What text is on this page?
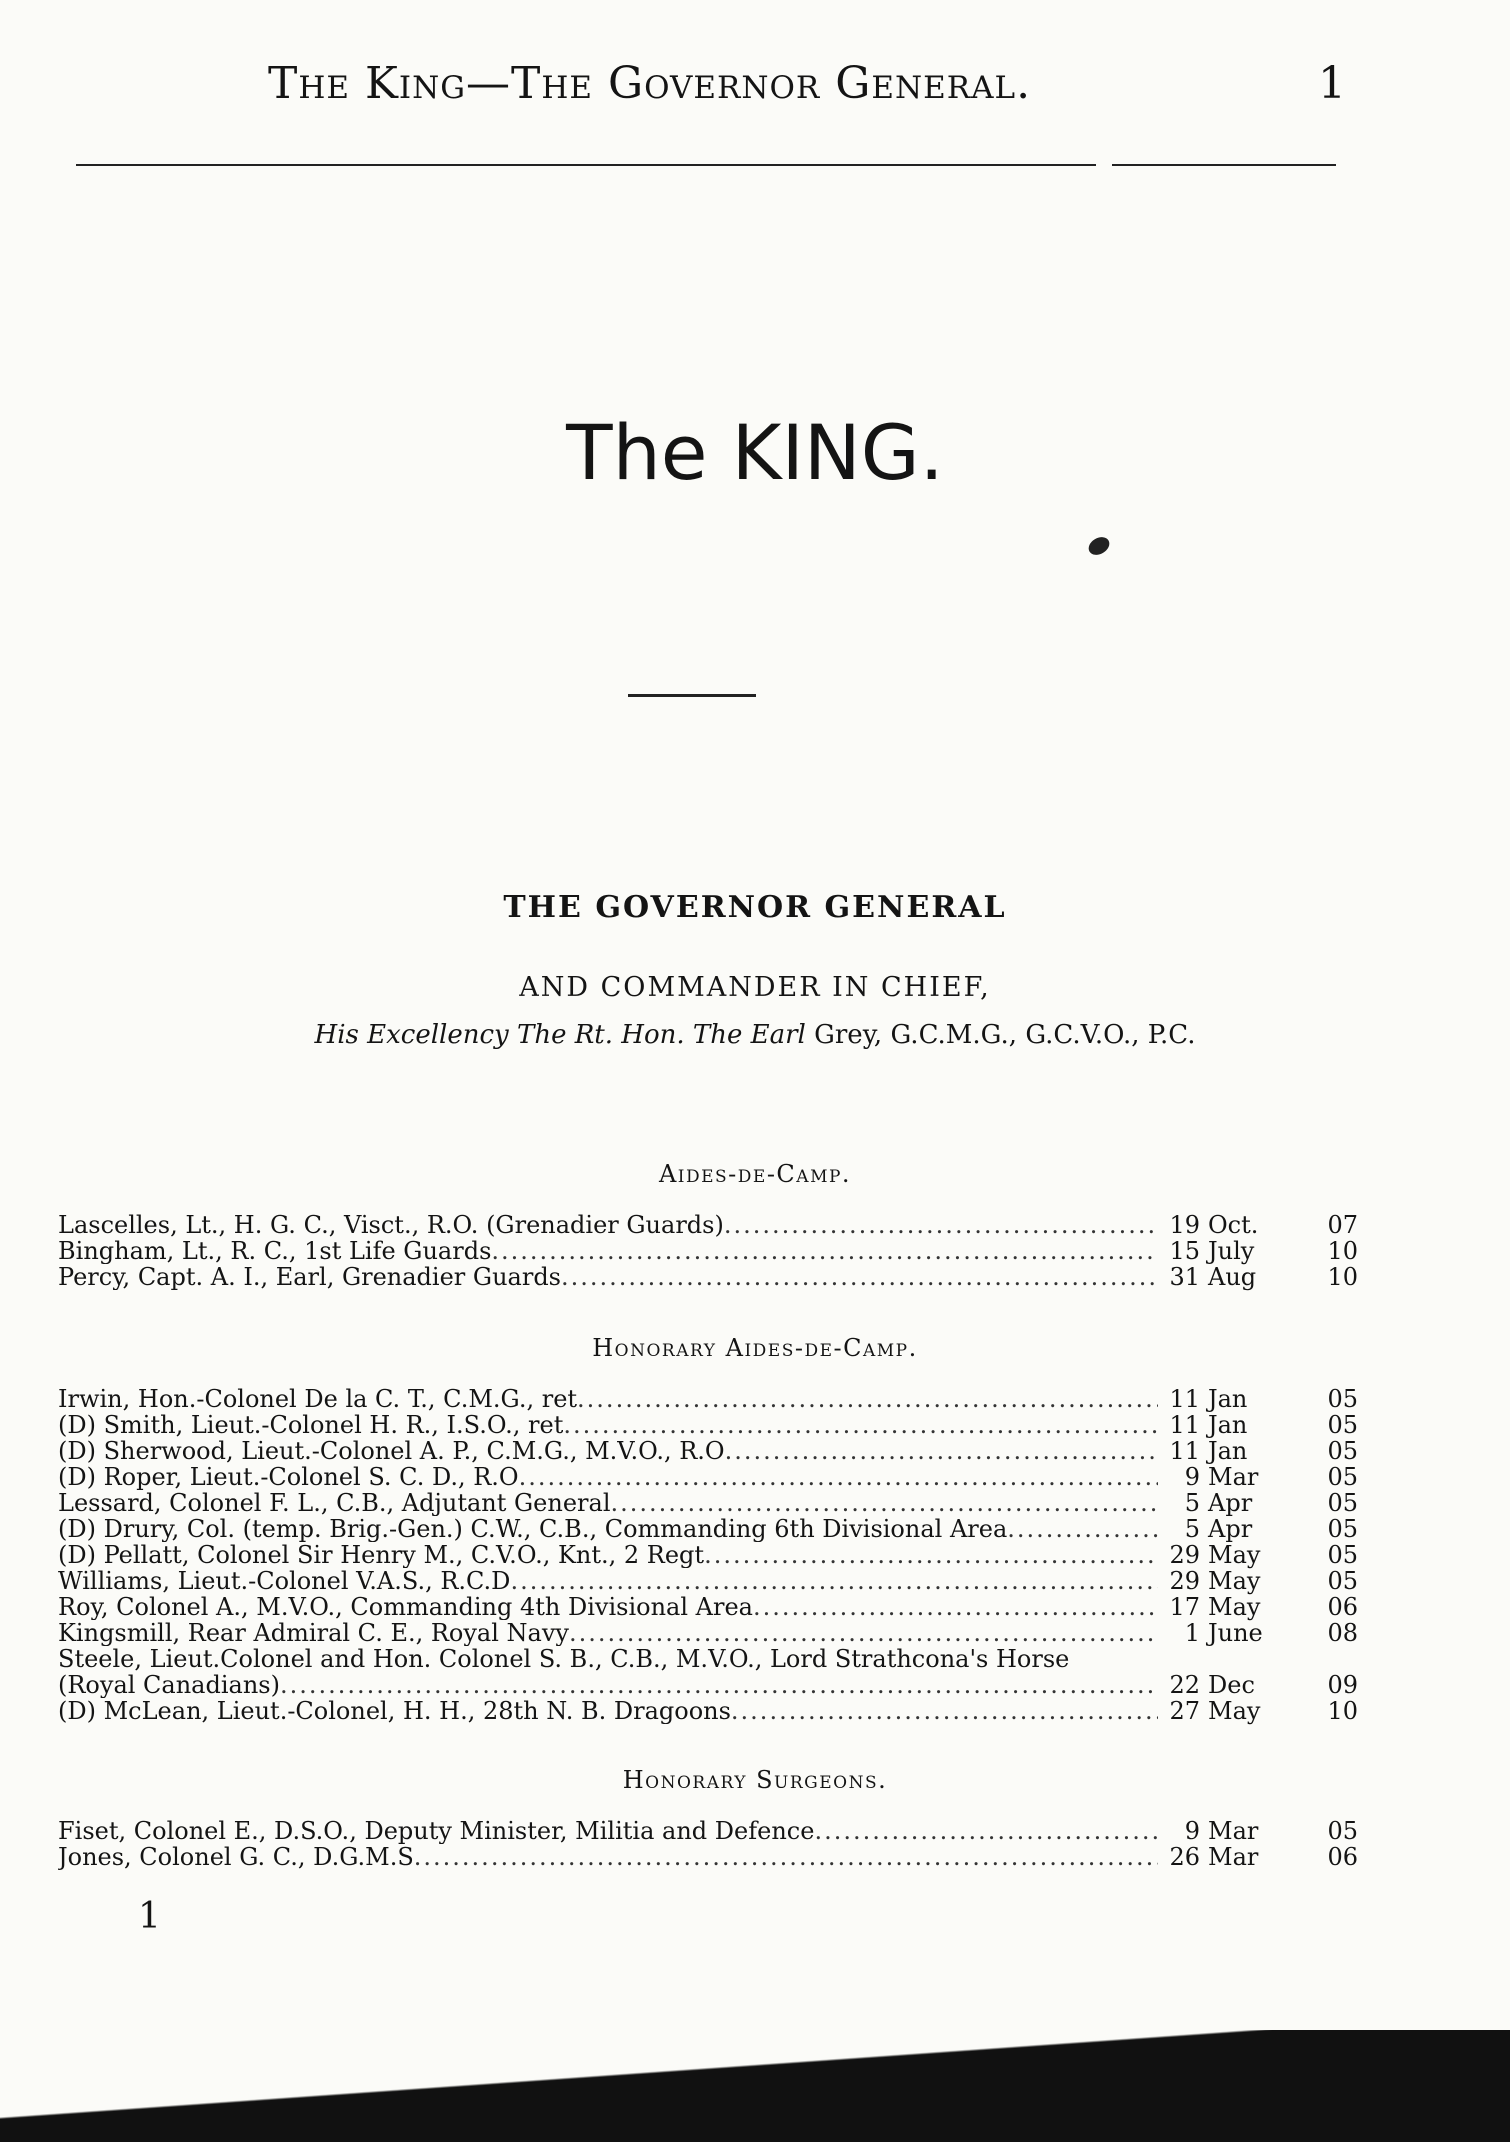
The King—The Governor General.	1
The KING.
THE GOVERNOR GENERAL
AND COMMANDER IN CHIEF,
His Excellency The Rt. Hon. The Earl Grey, G.C.M.G., G.C.V.O., P.C.
Aides-de-Camp.
Lascelles, Lt., H. G. C., Visct., R.O. (Grenadier Guards) .....	19 Oct.	07
Bingham, Lt., R. C., 1st Life Guards .....	15 July	10
Percy, Capt. A. I., Earl, Grenadier Guards .....	31 Aug	10
Honorary Aides-de-Camp.
Irwin, Hon.-Colonel De la C. T., C.M.G., ret .....	11 Jan	05
(D) Smith, Lieut.-Colonel H. R., I.S.O., ret .....	11 Jan	05
(D) Sherwood, Lieut.-Colonel A. P., C.M.G., M.V.O., R.O .....	11 Jan	05
(D) Roper, Lieut.-Colonel S. C. D., R.O .....	9 Mar	05
Lessard, Colonel F. L., C.B., Adjutant General .....	5 Apr	05
(D) Drury, Col. (temp. Brig.-Gen.) C.W., C.B., Commanding 6th Divisional Area .....	5 Apr	05
(D) Pellatt, Colonel Sir Henry M., C.V.O., Knt., 2 Regt .....	29 May	05
Williams, Lieut.-Colonel V.A.S., R.C.D .....	29 May	05
Roy, Colonel A., M.V.O., Commanding 4th Divisional Area .....	17 May	06
Kingsmill, Rear Admiral C. E., Royal Navy .....	1 June	08
Steele, Lieut.Colonel and Hon. Colonel S. B., C.B., M.V.O., Lord Strathcona's Horse
(Royal Canadians) .....	22 Dec	09
(D) McLean, Lieut.-Colonel, H. H., 28th N. B. Dragoons .....	27 May	10
Honorary Surgeons.
Fiset, Colonel E., D.S.O., Deputy Minister, Militia and Defence .....	9 Mar	05
Jones, Colonel G. C., D.G.M.S .....	26 Mar	06
1
